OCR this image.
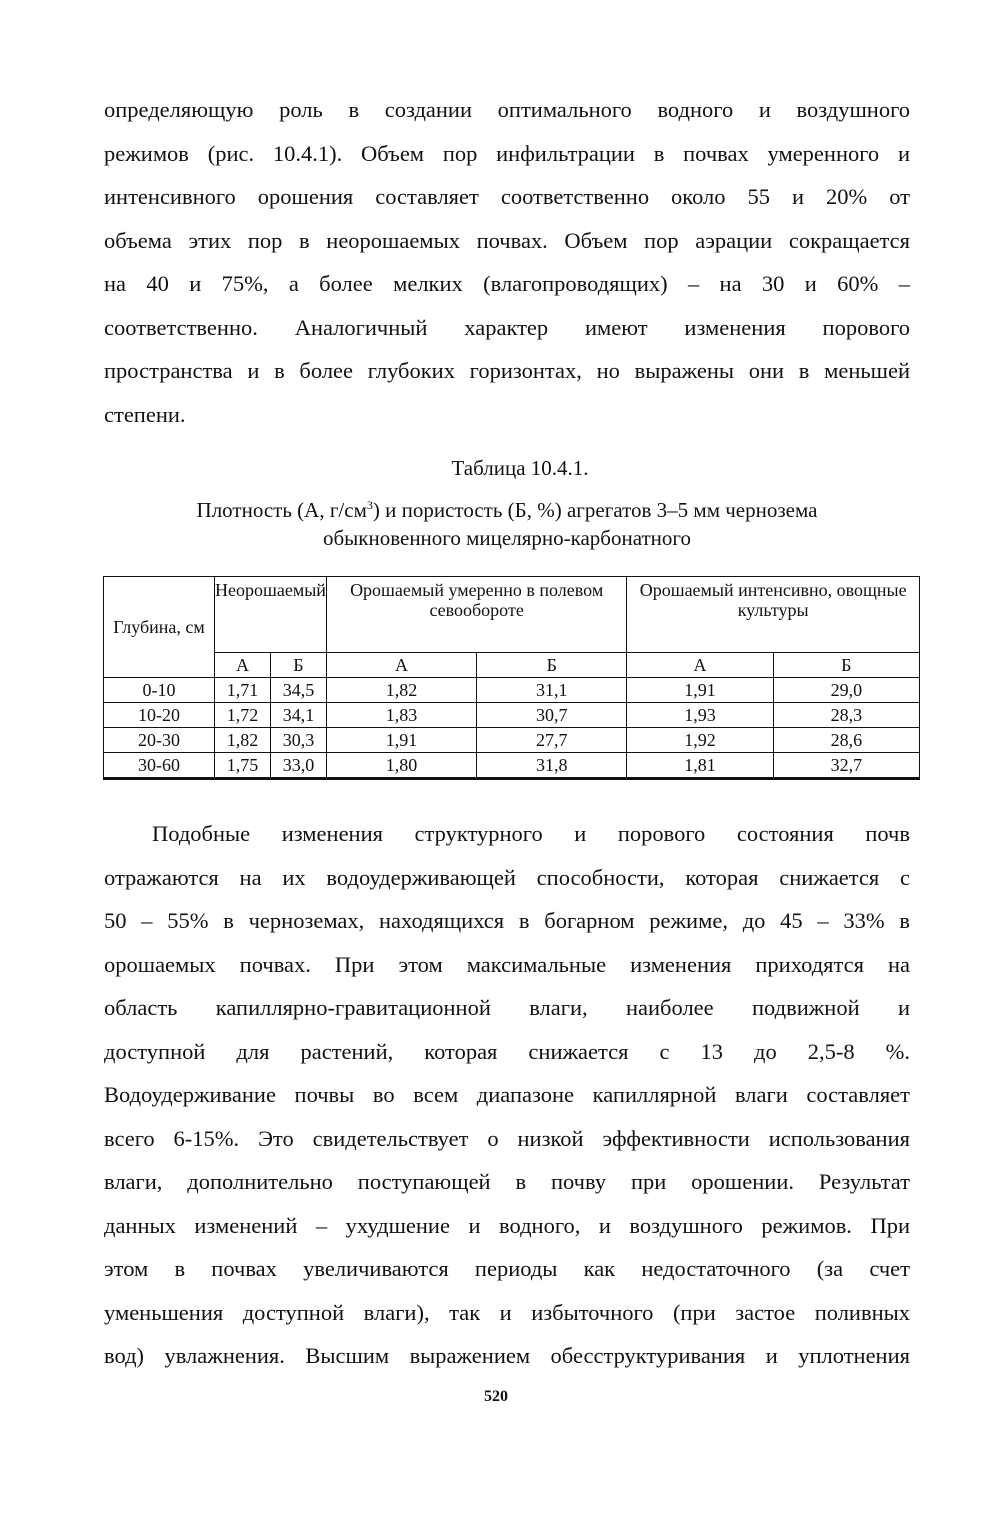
определяющую роль в создании оптимального водного и воздушного
режимов (рис. 10.4.1). Объем пор инфильтрации в почвах умеренного и
интенсивного орошения составляет соответственно около 55 и 20% от
объема этих пор в неорошаемых почвах. Объем пор аэрации сокращается
на 40 и 75%, а более мелких (влагопроводящих) – на 30 и 60% –
соответственно. Аналогичный характер имеют изменения порового
пространства и в более глубоких горизонтах, но выражены они в меньшей
степени.
Таблица 10.4.1.
Плотность (А, $г/см^3$) и пористость (Б, %) агрегатов 3–5 мм чернозема
обыкновенного мицелярно-карбонатного
Глубина, см	Неорошаемый		Орошаемый умеренно в полевом севообороте		Орошаемый интенсивно, овощные культуры	
	А	Б	А	Б	А	Б
0-10	1,71	34,5	1,82	31,1	1,91	29,0
10-20	1,72	34,1	1,83	30,7	1,93	28,3
20-30	1,82	30,3	1,91	27,7	1,92	28,6
30-60	1,75	33,0	1,80	31,8	1,81	32,7
Подобные изменения структурного и порового состояния почв
отражаются на их водоудерживающей способности, которая снижается с
50 – 55% в черноземах, находящихся в богарном режиме, до 45 – 33% в
орошаемых почвах. При этом максимальные изменения приходятся на
область капиллярно-гравитационной влаги, наиболее подвижной и
доступной для растений, которая снижается с 13 до 2,5-8 %.
Водоудерживание почвы во всем диапазоне капиллярной влаги составляет
всего 6-15%. Это свидетельствует о низкой эффективности использования
влаги, дополнительно поступающей в почву при орошении. Результат
данных изменений – ухудшение и водного, и воздушного режимов. При
этом в почвах увеличиваются периоды как недостаточного (за счет
уменьшения доступной влаги), так и избыточного (при застое поливных
вод) увлажнения. Высшим выражением обесструктуривания и уплотнения
520
